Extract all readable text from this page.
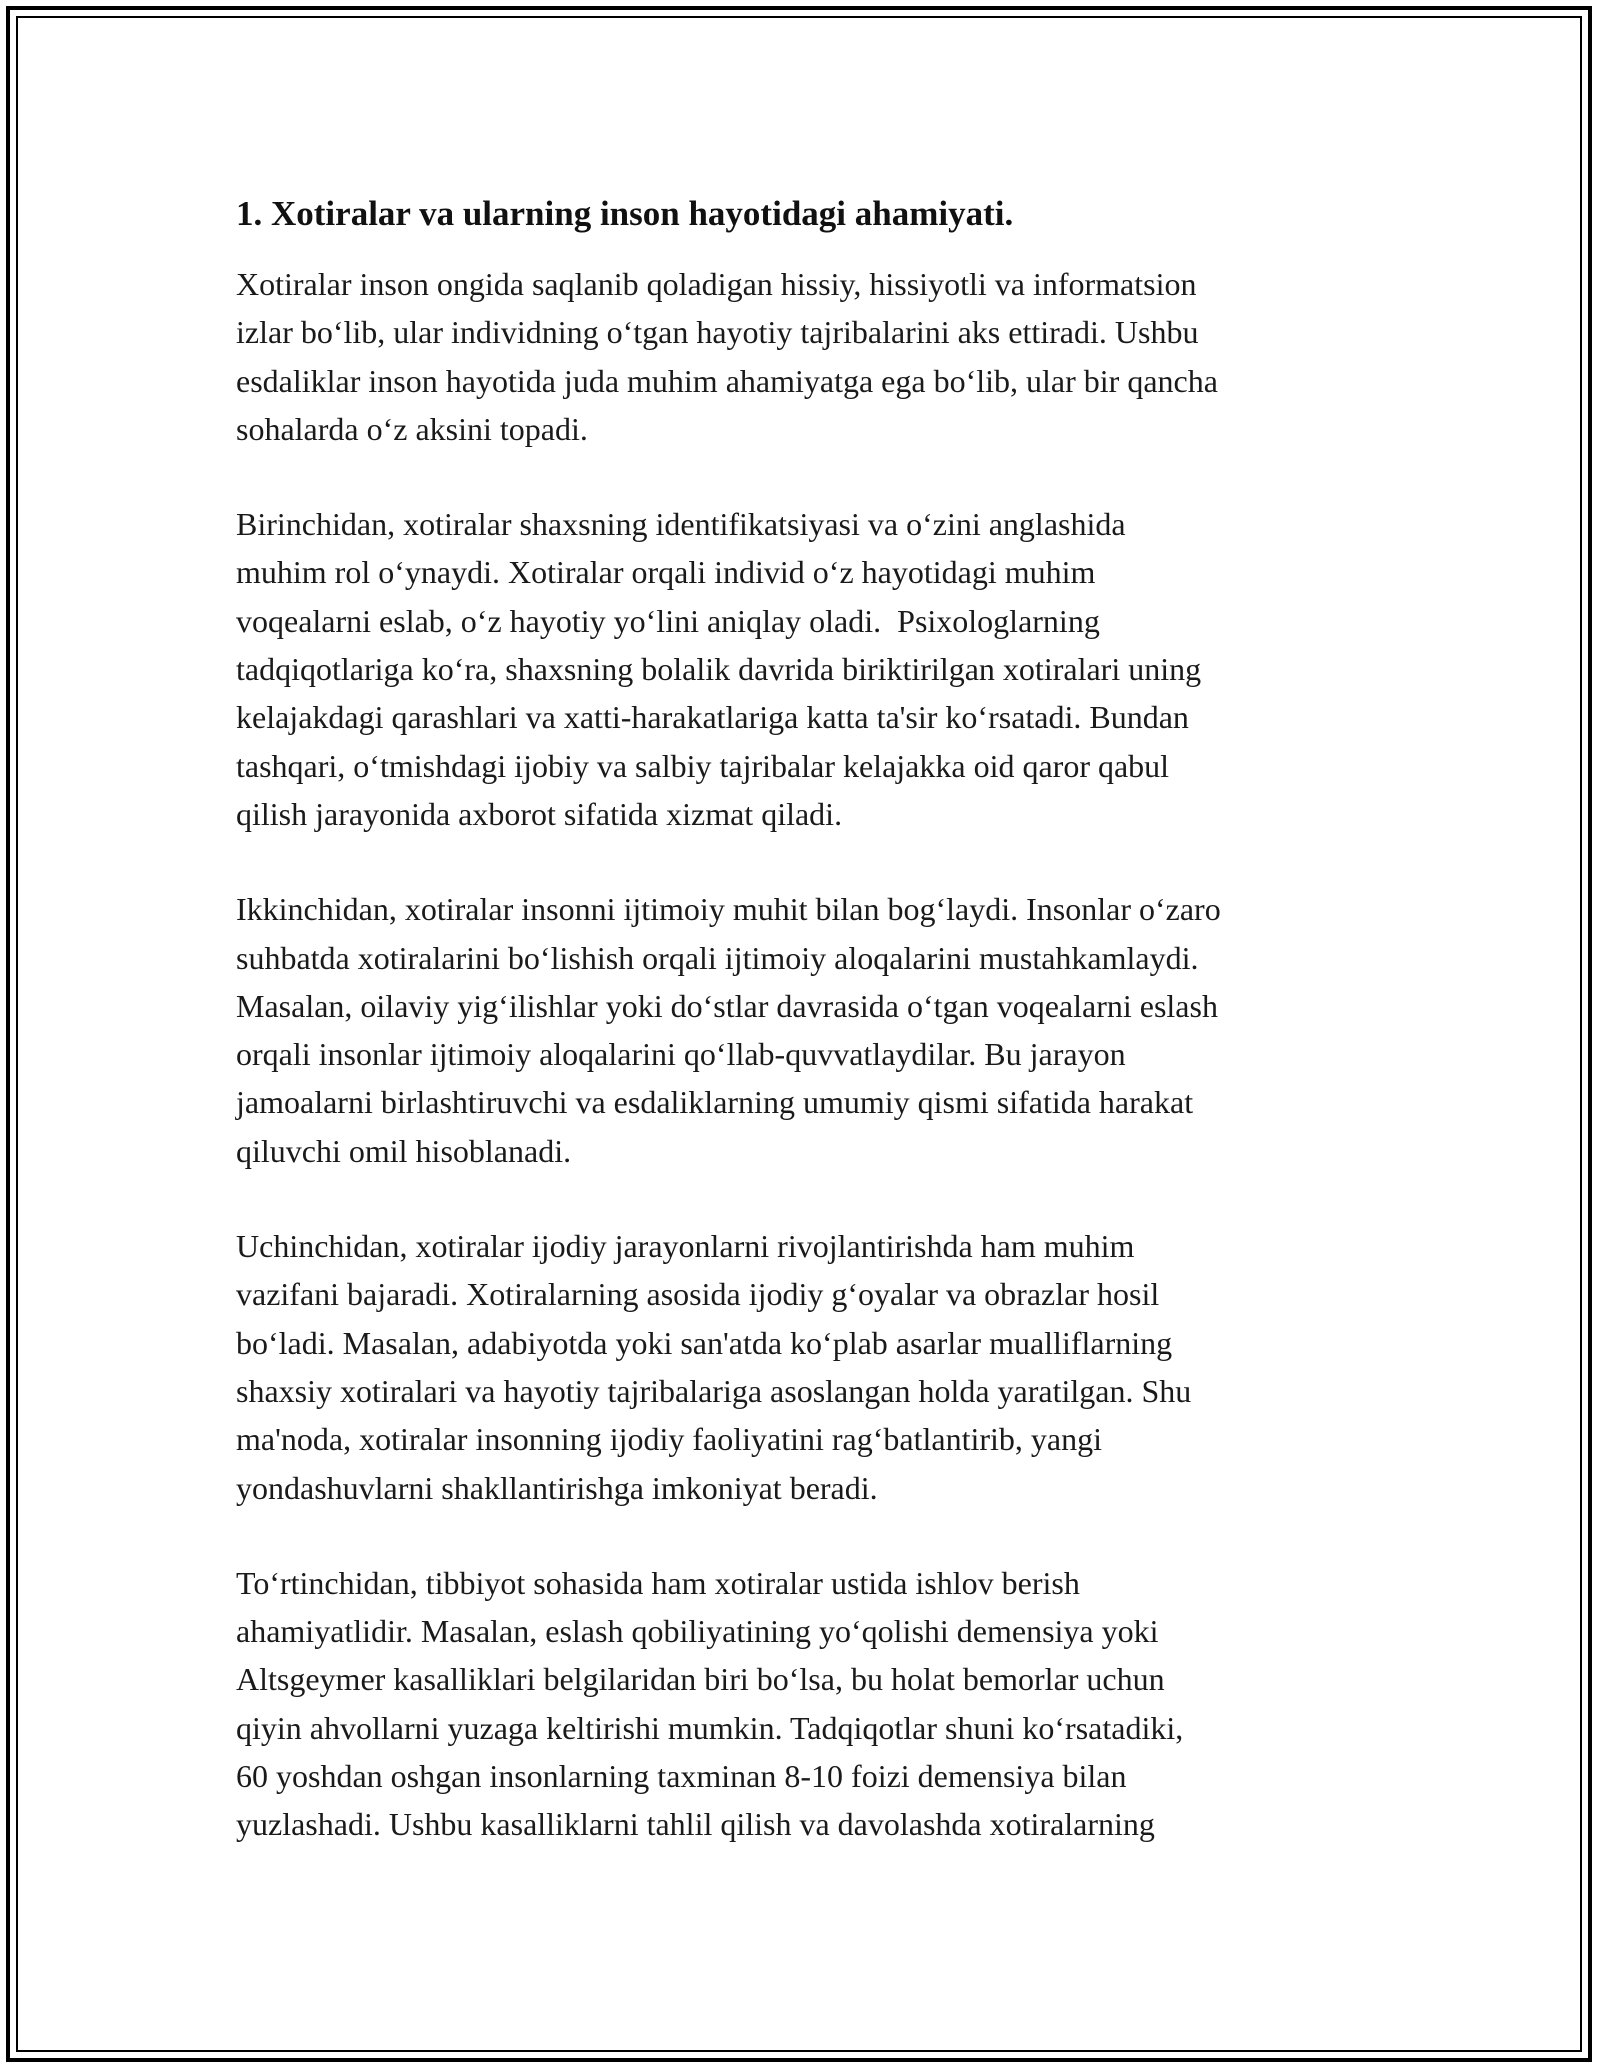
1. Xotiralar va ularning inson hayotidagi ahamiyati.
Xotiralar inson ongida saqlanib qoladigan hissiy, hissiyotli va informatsion
izlar bo‘lib, ular individning o‘tgan hayotiy tajribalarini aks ettiradi. Ushbu
esdaliklar inson hayotida juda muhim ahamiyatga ega bo‘lib, ular bir qancha
sohalarda o‘z aksini topadi.
Birinchidan, xotiralar shaxsning identifikatsiyasi va o‘zini anglashida
muhim rol o‘ynaydi. Xotiralar orqali individ o‘z hayotidagi muhim
voqealarni eslab, o‘z hayotiy yo‘lini aniqlay oladi.  Psixologlarning
tadqiqotlariga ko‘ra, shaxsning bolalik davrida biriktirilgan xotiralari uning
kelajakdagi qarashlari va xatti-harakatlariga katta ta'sir ko‘rsatadi. Bundan
tashqari, o‘tmishdagi ijobiy va salbiy tajribalar kelajakka oid qaror qabul
qilish jarayonida axborot sifatida xizmat qiladi.
Ikkinchidan, xotiralar insonni ijtimoiy muhit bilan bog‘laydi. Insonlar o‘zaro
suhbatda xotiralarini bo‘lishish orqali ijtimoiy aloqalarini mustahkamlaydi.
Masalan, oilaviy yig‘ilishlar yoki do‘stlar davrasida o‘tgan voqealarni eslash
orqali insonlar ijtimoiy aloqalarini qo‘llab-quvvatlaydilar. Bu jarayon
jamoalarni birlashtiruvchi va esdaliklarning umumiy qismi sifatida harakat
qiluvchi omil hisoblanadi.
Uchinchidan, xotiralar ijodiy jarayonlarni rivojlantirishda ham muhim
vazifani bajaradi. Xotiralarning asosida ijodiy g‘oyalar va obrazlar hosil
bo‘ladi. Masalan, adabiyotda yoki san'atda ko‘plab asarlar mualliflarning
shaxsiy xotiralari va hayotiy tajribalariga asoslangan holda yaratilgan. Shu
ma'noda, xotiralar insonning ijodiy faoliyatini rag‘batlantirib, yangi
yondashuvlarni shakllantirishga imkoniyat beradi.
To‘rtinchidan, tibbiyot sohasida ham xotiralar ustida ishlov berish
ahamiyatlidir. Masalan, eslash qobiliyatining yo‘qolishi demensiya yoki
Altsgeymer kasalliklari belgilaridan biri bo‘lsa, bu holat bemorlar uchun
qiyin ahvollarni yuzaga keltirishi mumkin. Tadqiqotlar shuni ko‘rsatadiki,
60 yoshdan oshgan insonlarning taxminan 8-10 foizi demensiya bilan
yuzlashadi. Ushbu kasalliklarni tahlil qilish va davolashda xotiralarning
